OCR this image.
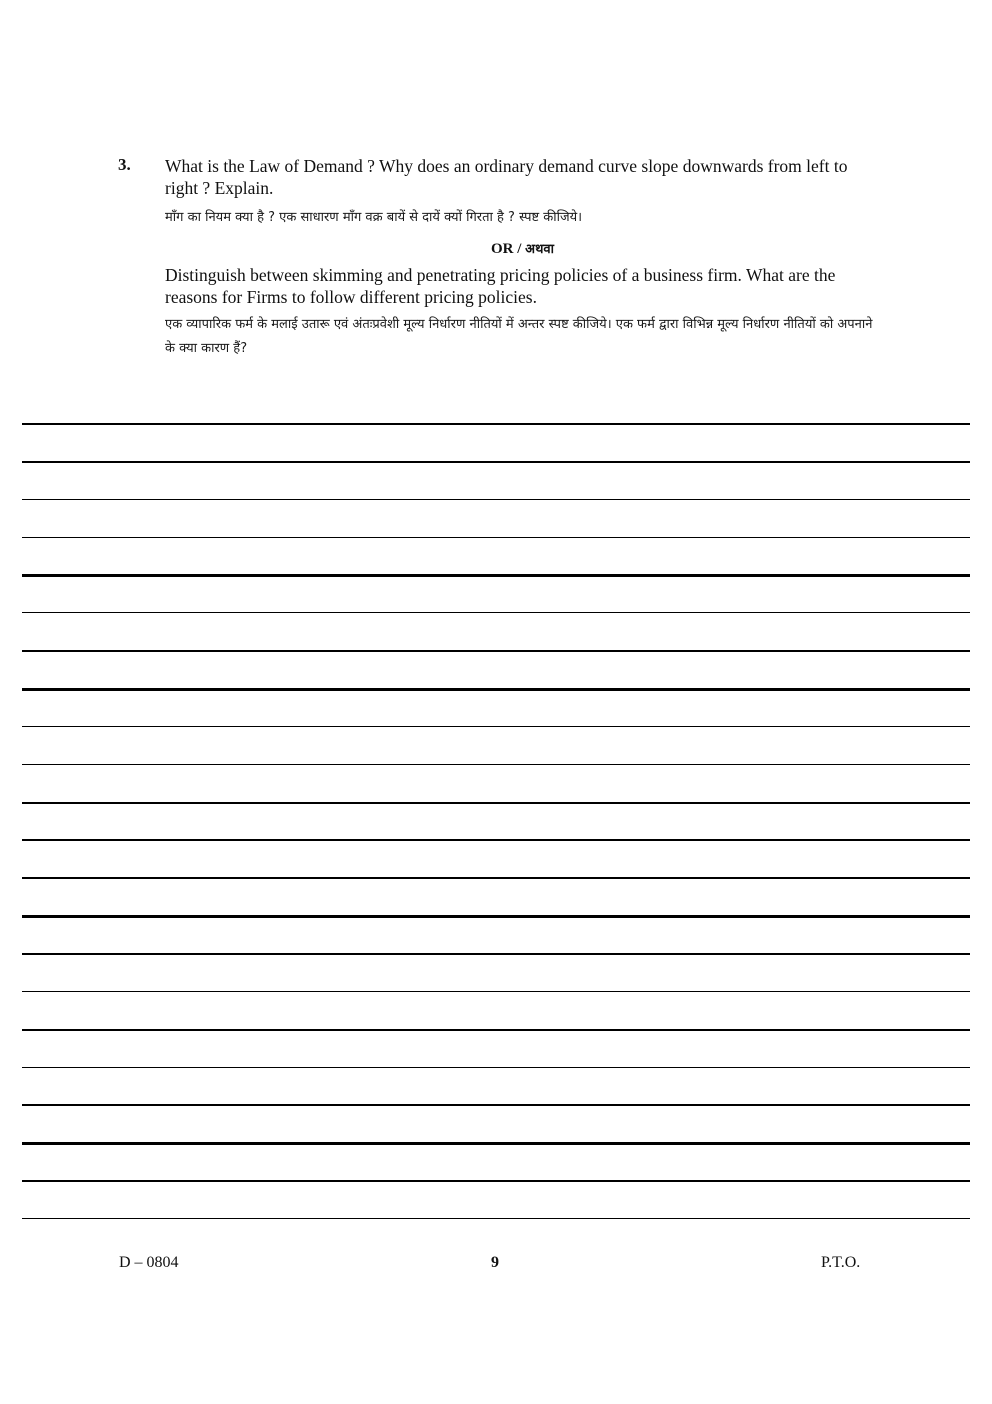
3. What is the Law of Demand ? Why does an ordinary demand curve slope downwards from left to right ? Explain.

माँग का नियम क्या है ? एक साधारण माँग वक्र बायें से दायें क्यों गिरता है ? स्पष्ट कीजिये।

OR / अथवा

Distinguish between skimming and penetrating pricing policies of a business firm. What are the reasons for Firms to follow different pricing policies.

एक व्यापारिक फर्म के मलाई उतारू एवं अंतःप्रवेशी मूल्य निर्धारण नीतियों में अन्तर स्पष्ट कीजिये। एक फर्म द्वारा विभिन्न मूल्य निर्धारण नीतियों को अपनाने के क्या कारण हैं?

D – 0804	9	P.T.O.
